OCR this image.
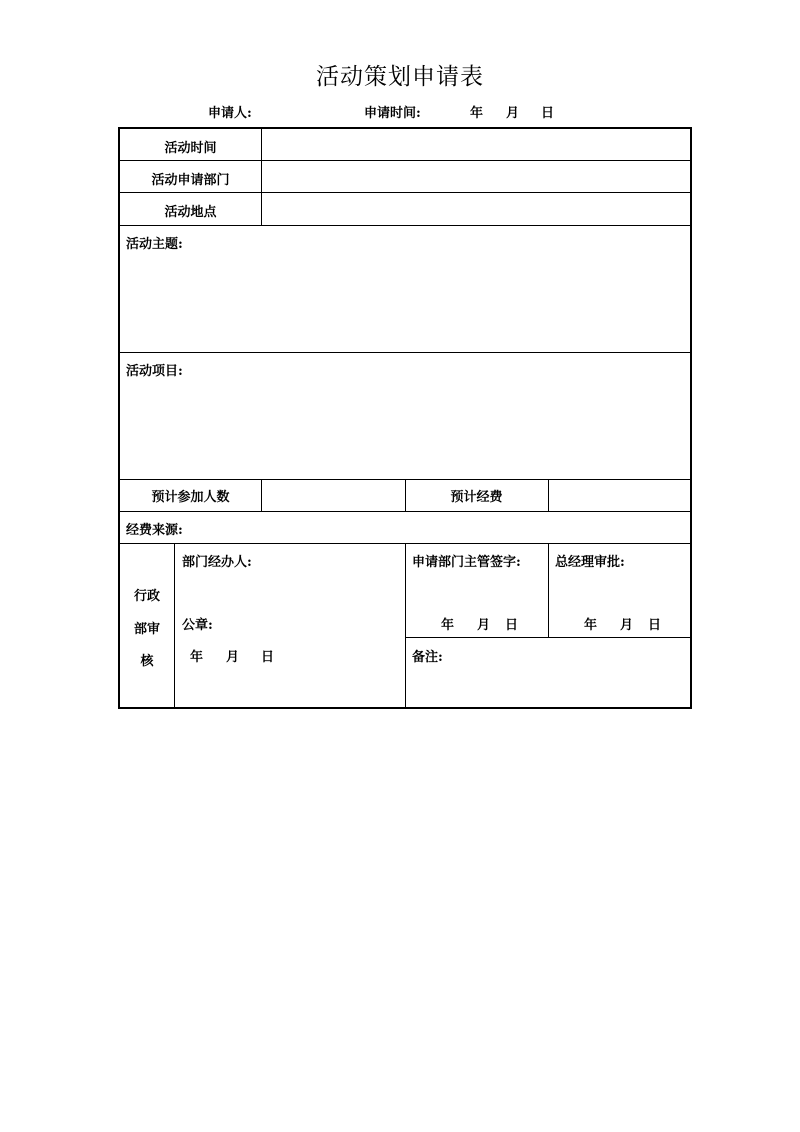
活动策划申请表
申请人:	申请时间:	年 月 日
活动时间
活动申请部门
活动地点
活动主题:
活动项目:
预计参加人数	预计经费
经费来源:
行政
部审
核
部门经办人:
公章:
年 月 日
申请部门主管签字:
年 月 日
总经理审批:
年 月 日
备注:
